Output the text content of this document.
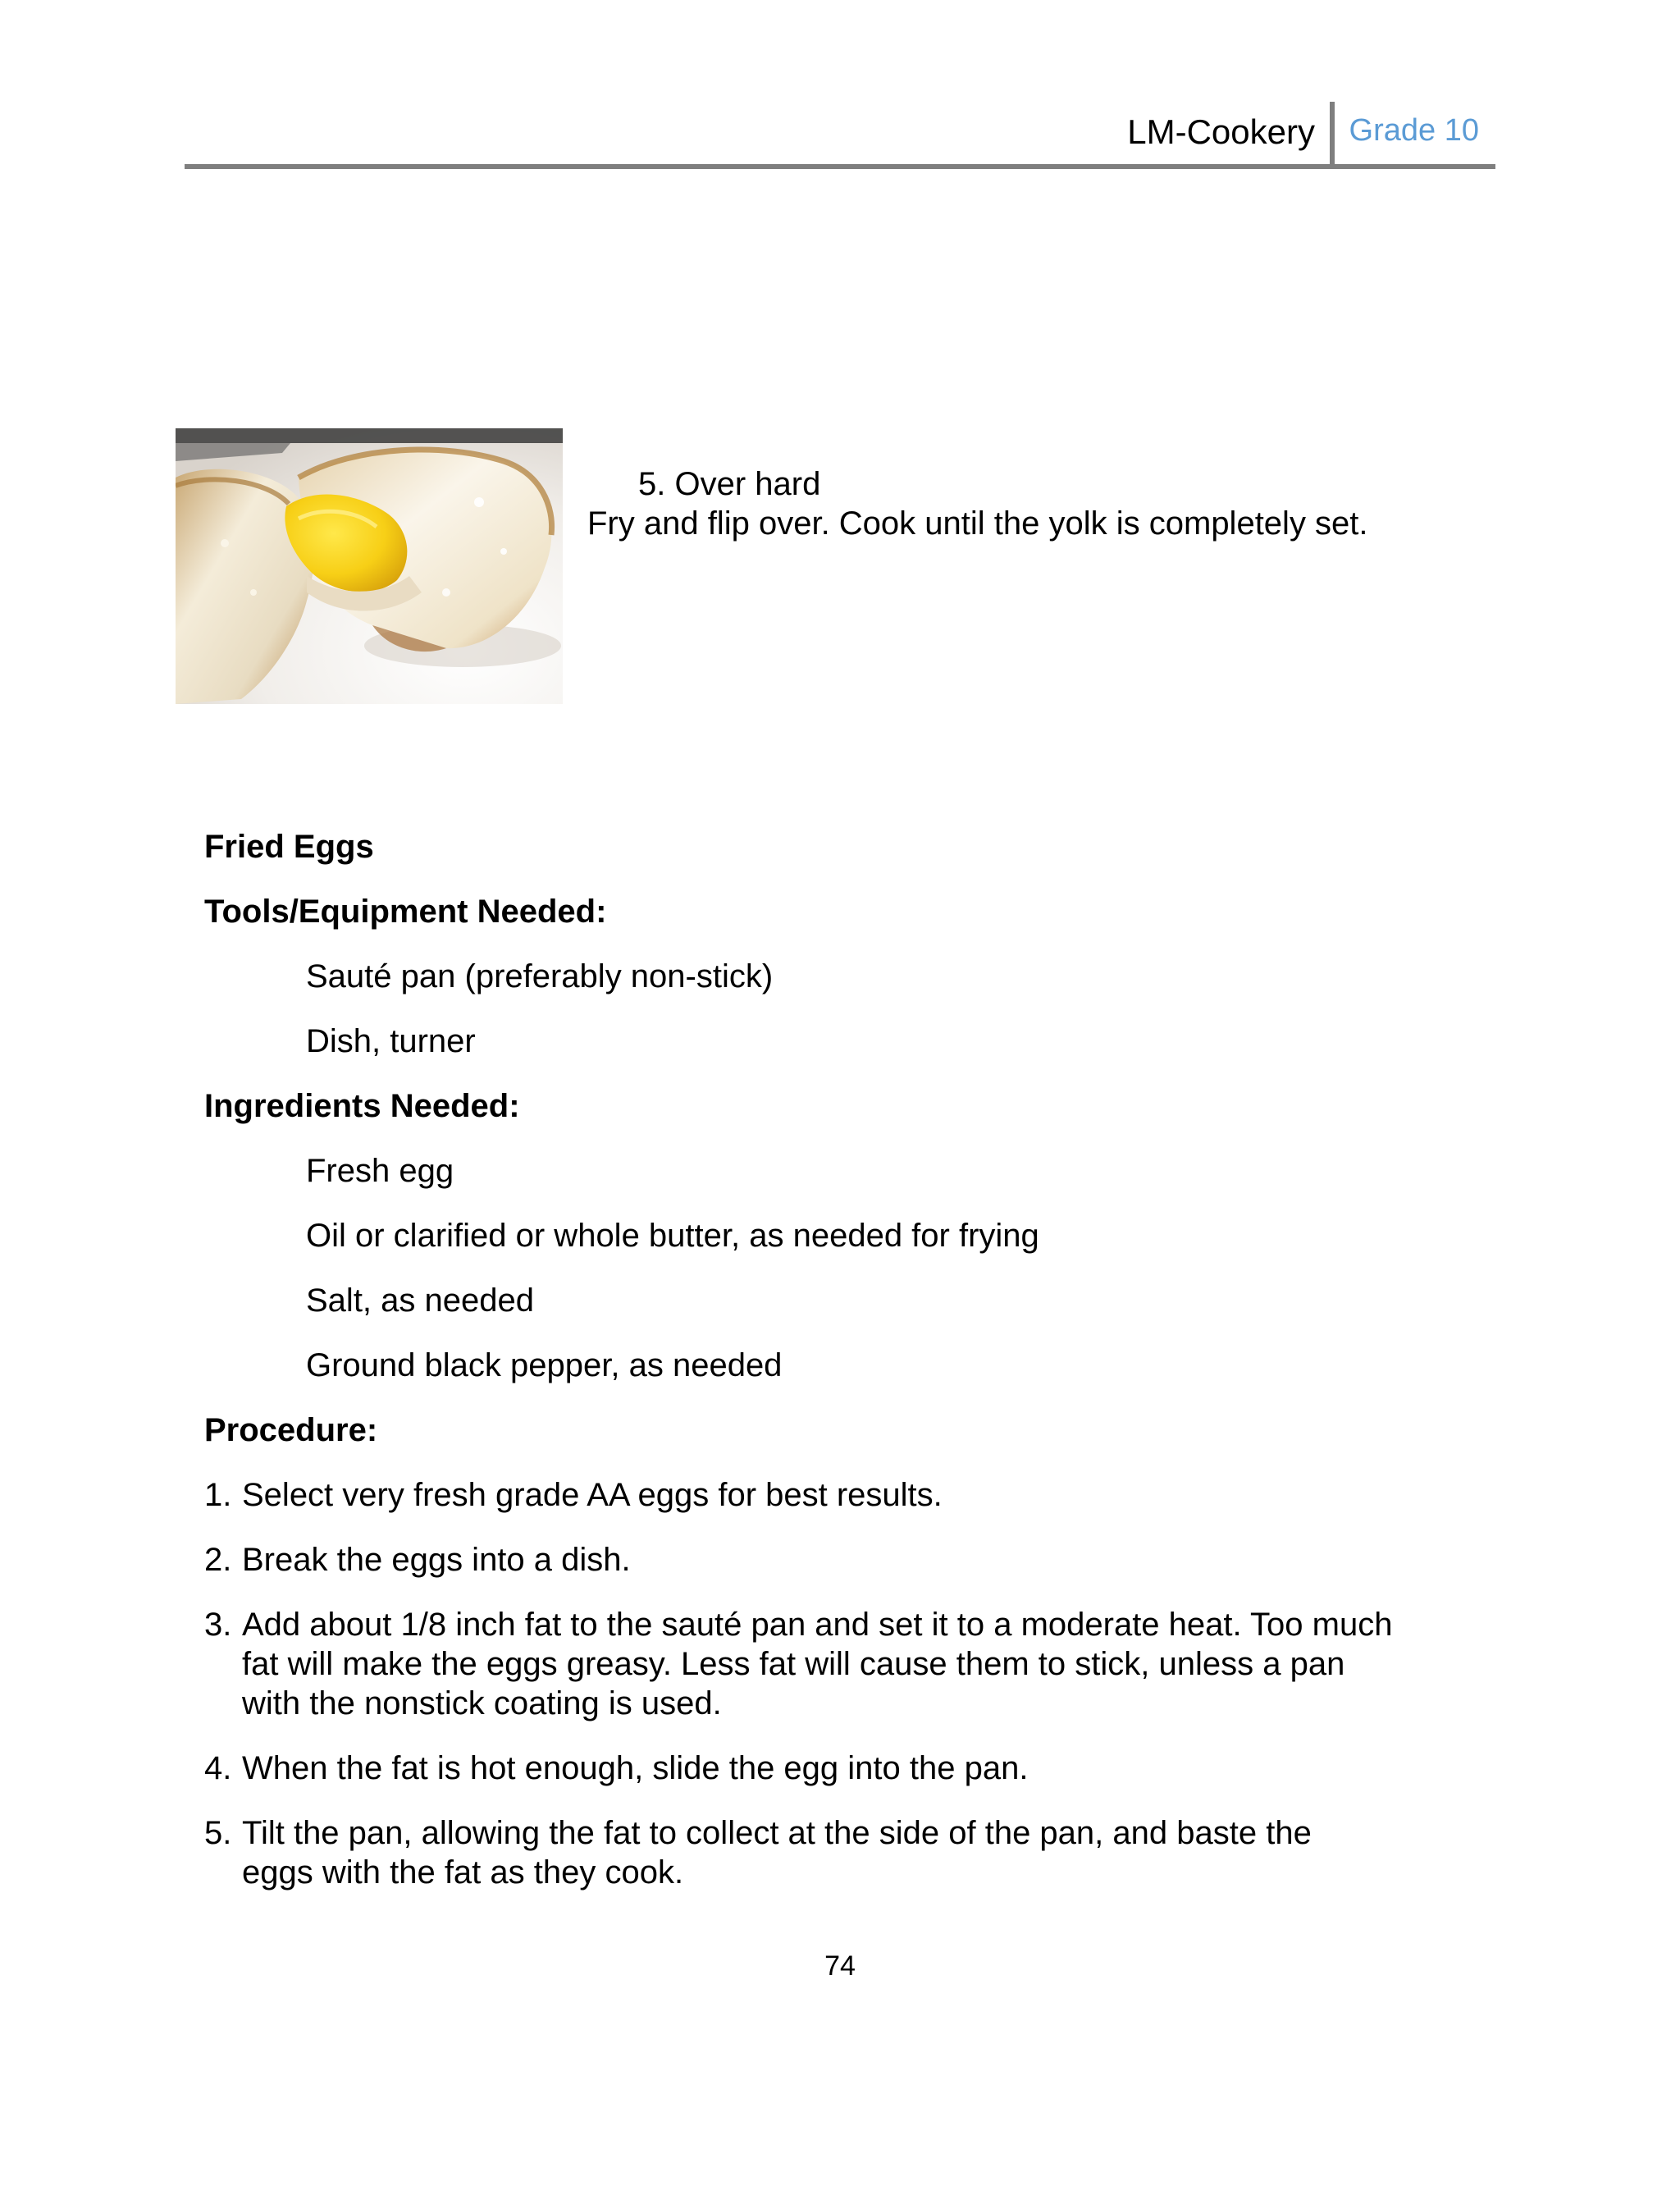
LM-Cookery Grade 10
5. Over hard
Fry and flip over. Cook until the yolk is completely set.
Fried Eggs
Tools/Equipment Needed:
Sauté pan (preferably non-stick)
Dish, turner
Ingredients Needed:
Fresh egg
Oil or clarified or whole butter, as needed for frying
Salt, as needed
Ground black pepper, as needed
Procedure:
1. Select very fresh grade AA eggs for best results.
2. Break the eggs into a dish.
3. Add about 1/8 inch fat to the sauté pan and set it to a moderate heat. Too much fat will make the eggs greasy. Less fat will cause them to stick, unless a pan with the nonstick coating is used.
4. When the fat is hot enough, slide the egg into the pan.
5. Tilt the pan, allowing the fat to collect at the side of the pan, and baste the eggs with the fat as they cook.
74
